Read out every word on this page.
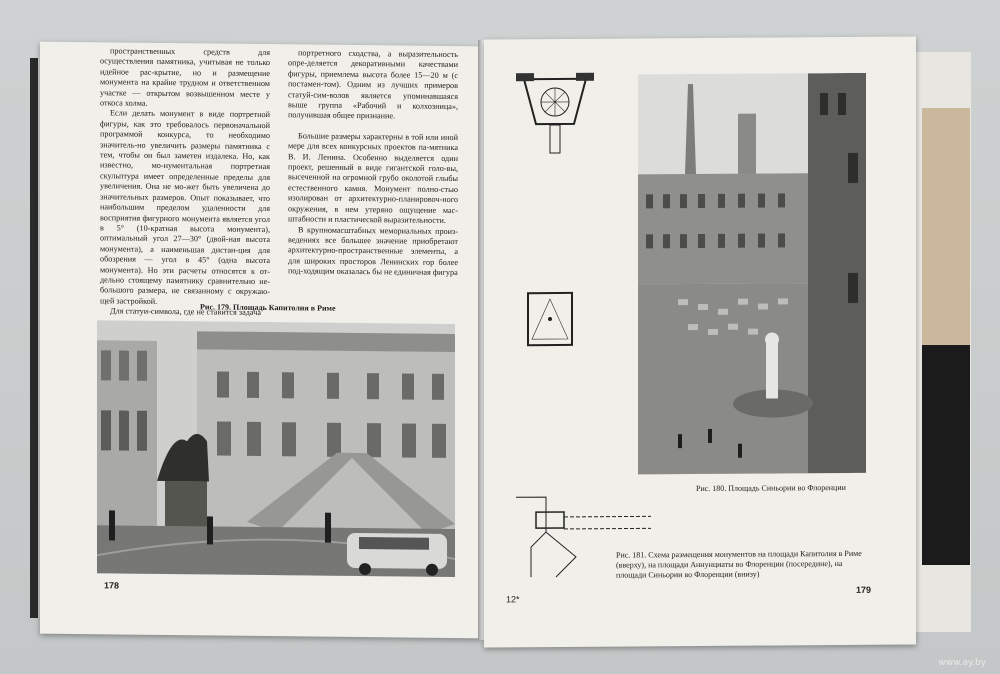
пространственных средств для осуществления памятника, учитывая не только идейное рас-крытие, но и размещение монумента на крайне трудном и ответственном участке — открытом возвышенном месте у откоса холма.

Если делать монумент в виде портретной фигуры, как это требовалось первоначальной программой конкурса, то необходимо значитель-но увеличить размеры памятника с тем, чтобы он был заметен издалека. Но, как известно, мо-нументальная портретная скульптура имеет определенные пределы для увеличения. Она не мо-жет быть увеличена до значительных размеров. Опыт показывает, что наибольшим пределом удаленности для восприятия фигурного монумента является угол в 5° (10-кратная высота монумента), оптимальный угол 27—30° (двой-ная высота монумента), а наименьшая дистан-ция для обозрения — угол в 45° (одна высота монумента). Но эти расчеты относятся к от-дельно стоящему памятнику сравнительно не-большого размера, не связанному с окружаю-щей застройкой.

Для статуи-символа, где не ставится задача

портретного сходства, а выразительность опре-деляется декоративными качествами фигуры, приемлема высота более 15—20 м (с постамен-том). Одним из лучших примеров статуй-сим-волов является упоминавшаяся выше группа «Рабочий и колхозница», получившая общее признание.

Большие размеры характерны в той или иной мере для всех конкурсных проектов па-мятника В. И. Ленина. Особенно выделяется один проект, решенный в виде гигантской голо-вы, высеченной на огромной грубо околотой глыбы естественного камня. Монумент полно-стью изолирован от архитектурно-планировоч-ного окружения, в нем утеряно ощущение мас-штабности и пластической выразительности.

В крупномасштабных мемориальных произ-ведениях все большее значение приобретают архитектурно-пространственные элементы, а для широких просторов Ленинских гор более под-ходящим оказалась бы не единичная фигура

Рис. 179. Площадь Капитолия в Риме
178
Рис. 180. Площадь Синьории во Флоренции
Рис. 181. Схема размещения монументов на площади Капитолия в Риме (вверху), на площади Аннунциаты во Флоренции (посередине), на площади Синьории во Флоренции (внизу)
12*
179
www.ay.by
